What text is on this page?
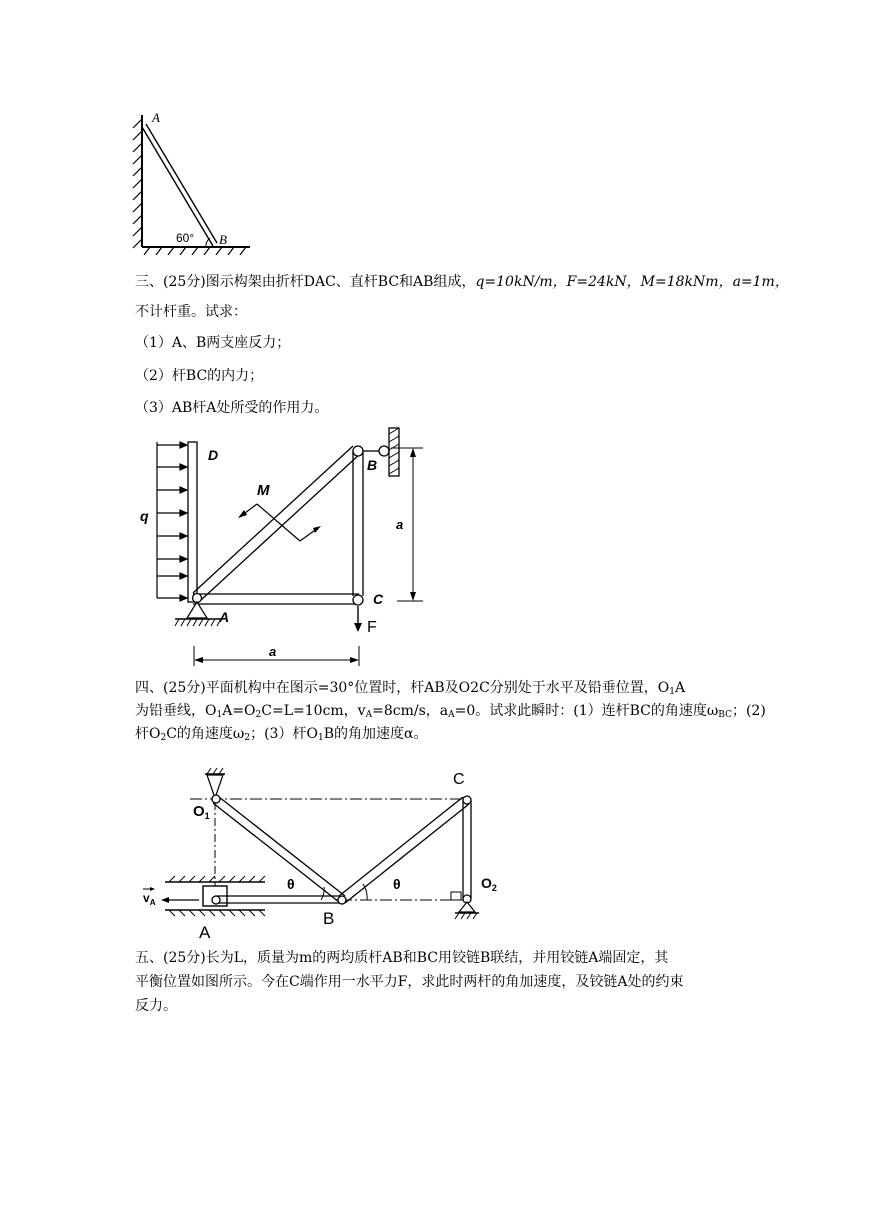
A
B
60°
三、(25分)图示构架由折杆DAC、直杆BC和AB组成，q=10kN/m，F=24kN，M=18kNm，a=1m，
不计杆重。试求：
（1）A、B两支座反力；
（2）杆BC的内力；
（3）AB杆A处所受的作用力。
q
D
B
A
F
C
M
a
a
四、(25分)平面机构中在图示=30°位置时，杆AB及O2C分别处于水平及铅垂位置，$O_1A$
为铅垂线，$O_1A=O_2C=L=10cm$，$v_A=8cm/s$，$a_A=0$。试求此瞬时：(1）连杆BC的角速度$\omega_{BC}$；(2)
杆$O_2C$的角速度$\omega_2$；(3）杆$O_1B$的角加速度α。
C
$O_1$
θ	θ	$O_2$
$v_A$
B
A
五、(25分)长为L，质量为m的两均质杆AB和BC用铰链B联结，并用铰链A端固定，其
平衡位置如图所示。今在C端作用一水平力F，求此时两杆的角加速度，及铰链A处的约束
反力。
